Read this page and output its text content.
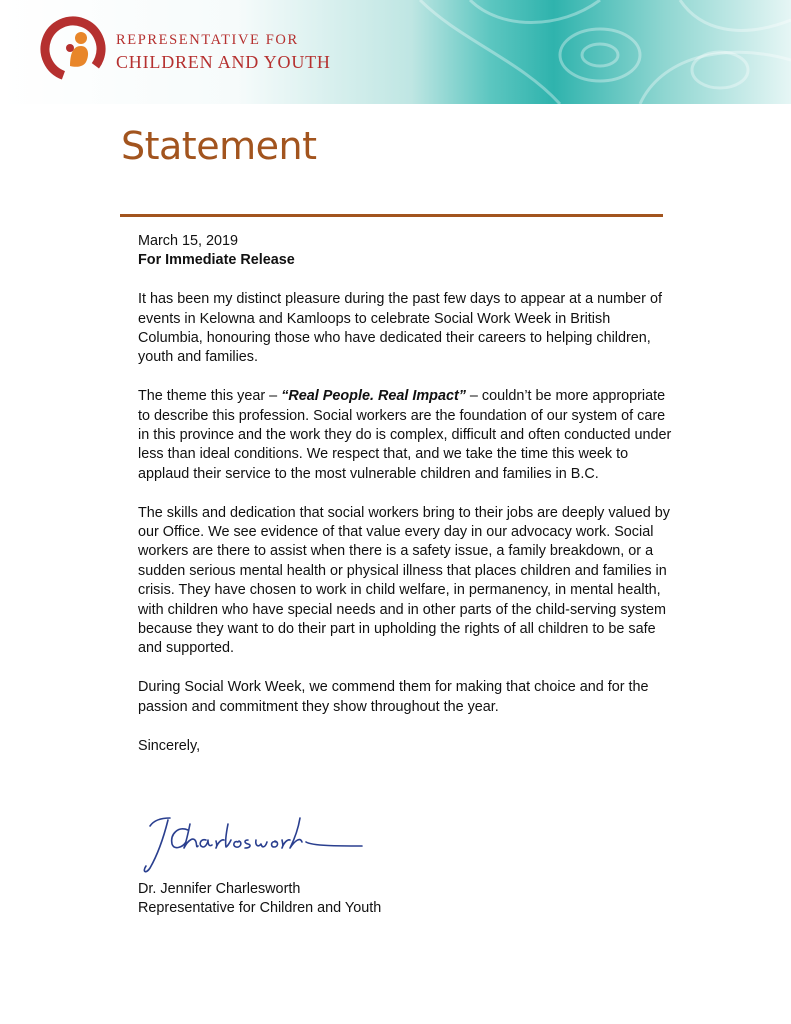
REPRESENTATIVE FOR
CHILDREN AND YOUTH
Statement

March 15, 2019

For Immediate Release

It has been my distinct pleasure during the past few days to appear at a number of events in Kelowna and Kamloops to celebrate Social Work Week in British Columbia, honouring those who have dedicated their careers to helping children, youth and families.

The theme this year – “Real People. Real Impact” – couldn’t be more appropriate to describe this profession. Social workers are the foundation of our system of care in this province and the work they do is complex, difficult and often conducted under less than ideal conditions. We respect that, and we take the time this week to applaud their service to the most vulnerable children and families in B.C.

The skills and dedication that social workers bring to their jobs are deeply valued by our Office. We see evidence of that value every day in our advocacy work. Social workers are there to assist when there is a safety issue, a family breakdown, or a sudden serious mental health or physical illness that places children and families in crisis. They have chosen to work in child welfare, in permanency, in mental health, with children who have special needs and in other parts of the child-serving system because they want to do their part in upholding the rights of all children to be safe and supported.

During Social Work Week, we commend them for making that choice and for the passion and commitment they show throughout the year.

Sincerely,

Dr. Jennifer Charlesworth
Representative for Children and Youth
